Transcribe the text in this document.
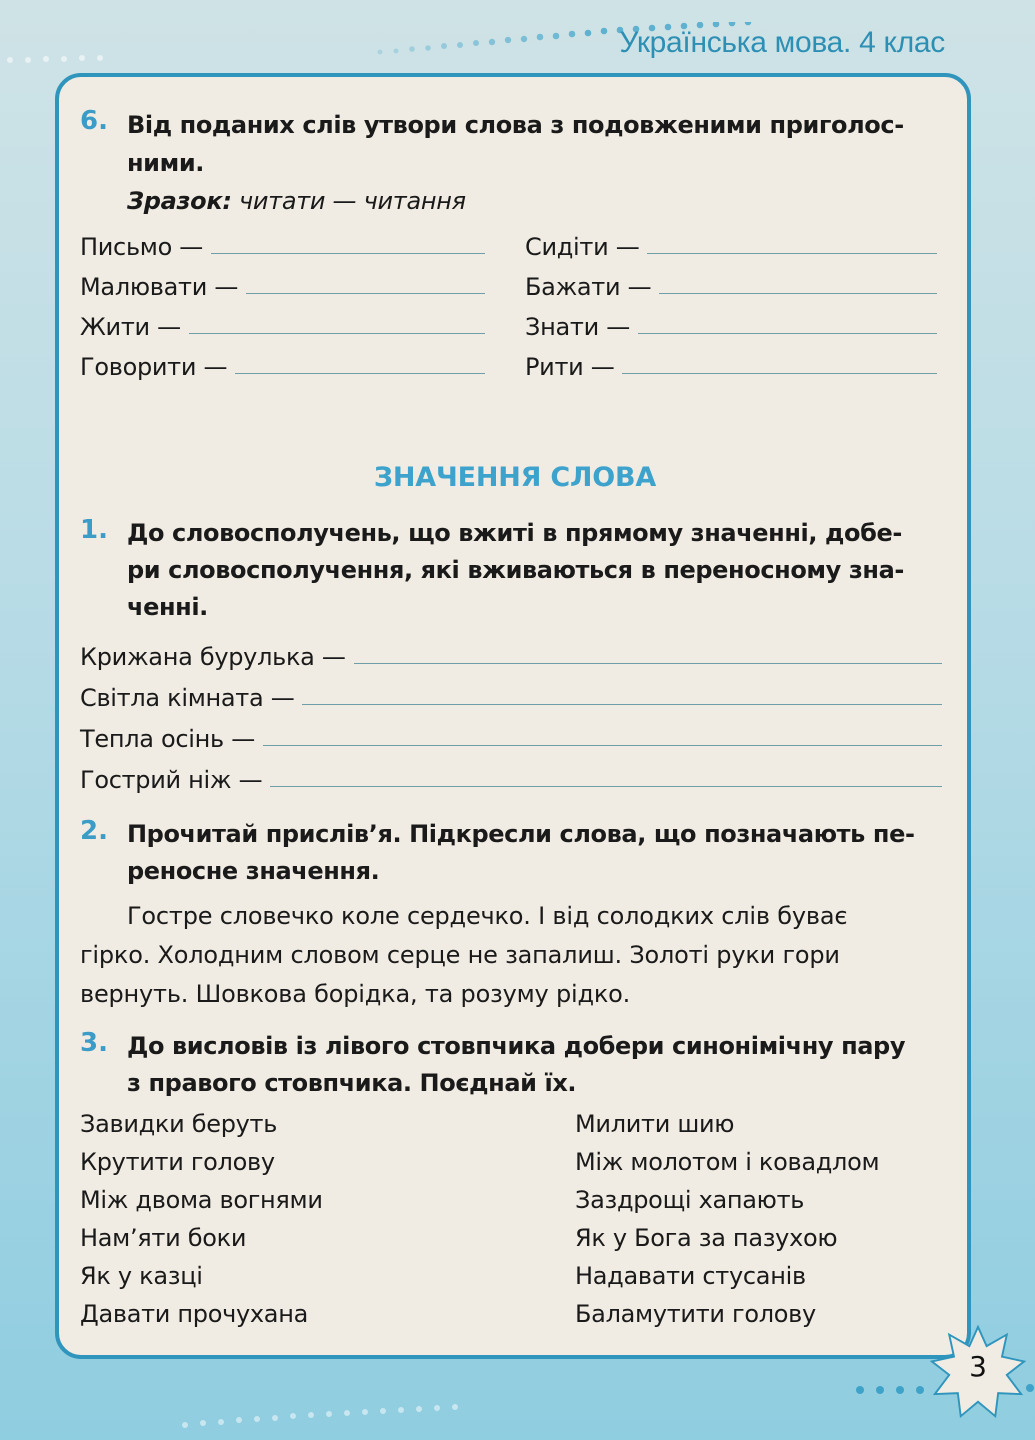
Українська мова. 4 клас
6. Від поданих слів утвори слова з подовженими приголос-
ними.
Зразок: читати — читання
Письмо —
Малювати —
Жити —
Говорити —
Сидіти —
Бажати —
Знати —
Рити —
ЗНАЧЕННЯ СЛОВА
1. До словосполучень, що вжиті в прямому значенні, добе-
ри словосполучення, які вживаються в переносному зна-
ченні.
Крижана бурулька —
Світла кімната —
Тепла осінь —
Гострий ніж —
2. Прочитай прислів’я. Підкресли слова, що позначають пе-
реносне значення.
Гостре словечко коле сердечко. І від солодких слів буває
гірко. Холодним словом серце не запалиш. Золоті руки гори
вернуть. Шовкова борідка, та розуму рідко.
3. До висловів із лівого стовпчика добери синонімічну пару
з правого стовпчика. Поєднай їх.
Завидки беруть
Крутити голову
Між двома вогнями
Нам’яти боки
Як у казці
Давати прочухана
Милити шию
Між молотом і ковадлом
Заздрощі хапають
Як у Бога за пазухою
Надавати стусанів
Баламутити голову
3
